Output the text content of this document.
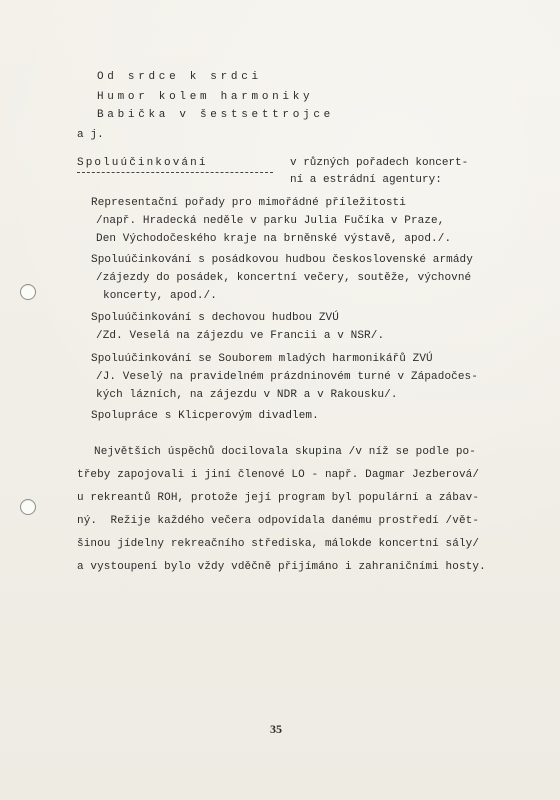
Od srdce k srdci
Humor kolem harmoniky
Babička v šestsettrojce
a j.
Spoluúčinkování	v různých pořadech koncert-
ní a estrádní agentury:
Representační pořady pro mimořádné příležitosti
/např. Hradecká neděle v parku Julia Fučíka v Praze,
Den Východočeského kraje na brněnské výstavě, apod./.
Spoluúčinkování s posádkovou hudbou československé armády
/zájezdy do posádek, koncertní večery, soutěže, výchovné
koncerty, apod./.
Spoluúčinkování s dechovou hudbou ZVÚ
/Zd. Veselá na zájezdu ve Francii a v NSR/.
Spoluúčinkování se Souborem mladých harmonikářů ZVÚ
/J. Veselý na pravidelném prázdninovém turné v Západočes-
kých lázních, na zájezdu v NDR a v Rakousku/.
Spolupráce s Klicperovým divadlem.
Největších úspěchů docilovala skupina /v níž se podle po-
třeby zapojovali i jiní členové LO - např. Dagmar Jezberová/
u rekreantů ROH, protože její program byl populární a zábav-
ný.  Režije každého večera odpovídala danému prostředí /vět-
šinou jídelny rekreačního střediska, málokde koncertní sály/
a vystoupení bylo vždy vděčně přijímáno i zahraničními hosty.
35
